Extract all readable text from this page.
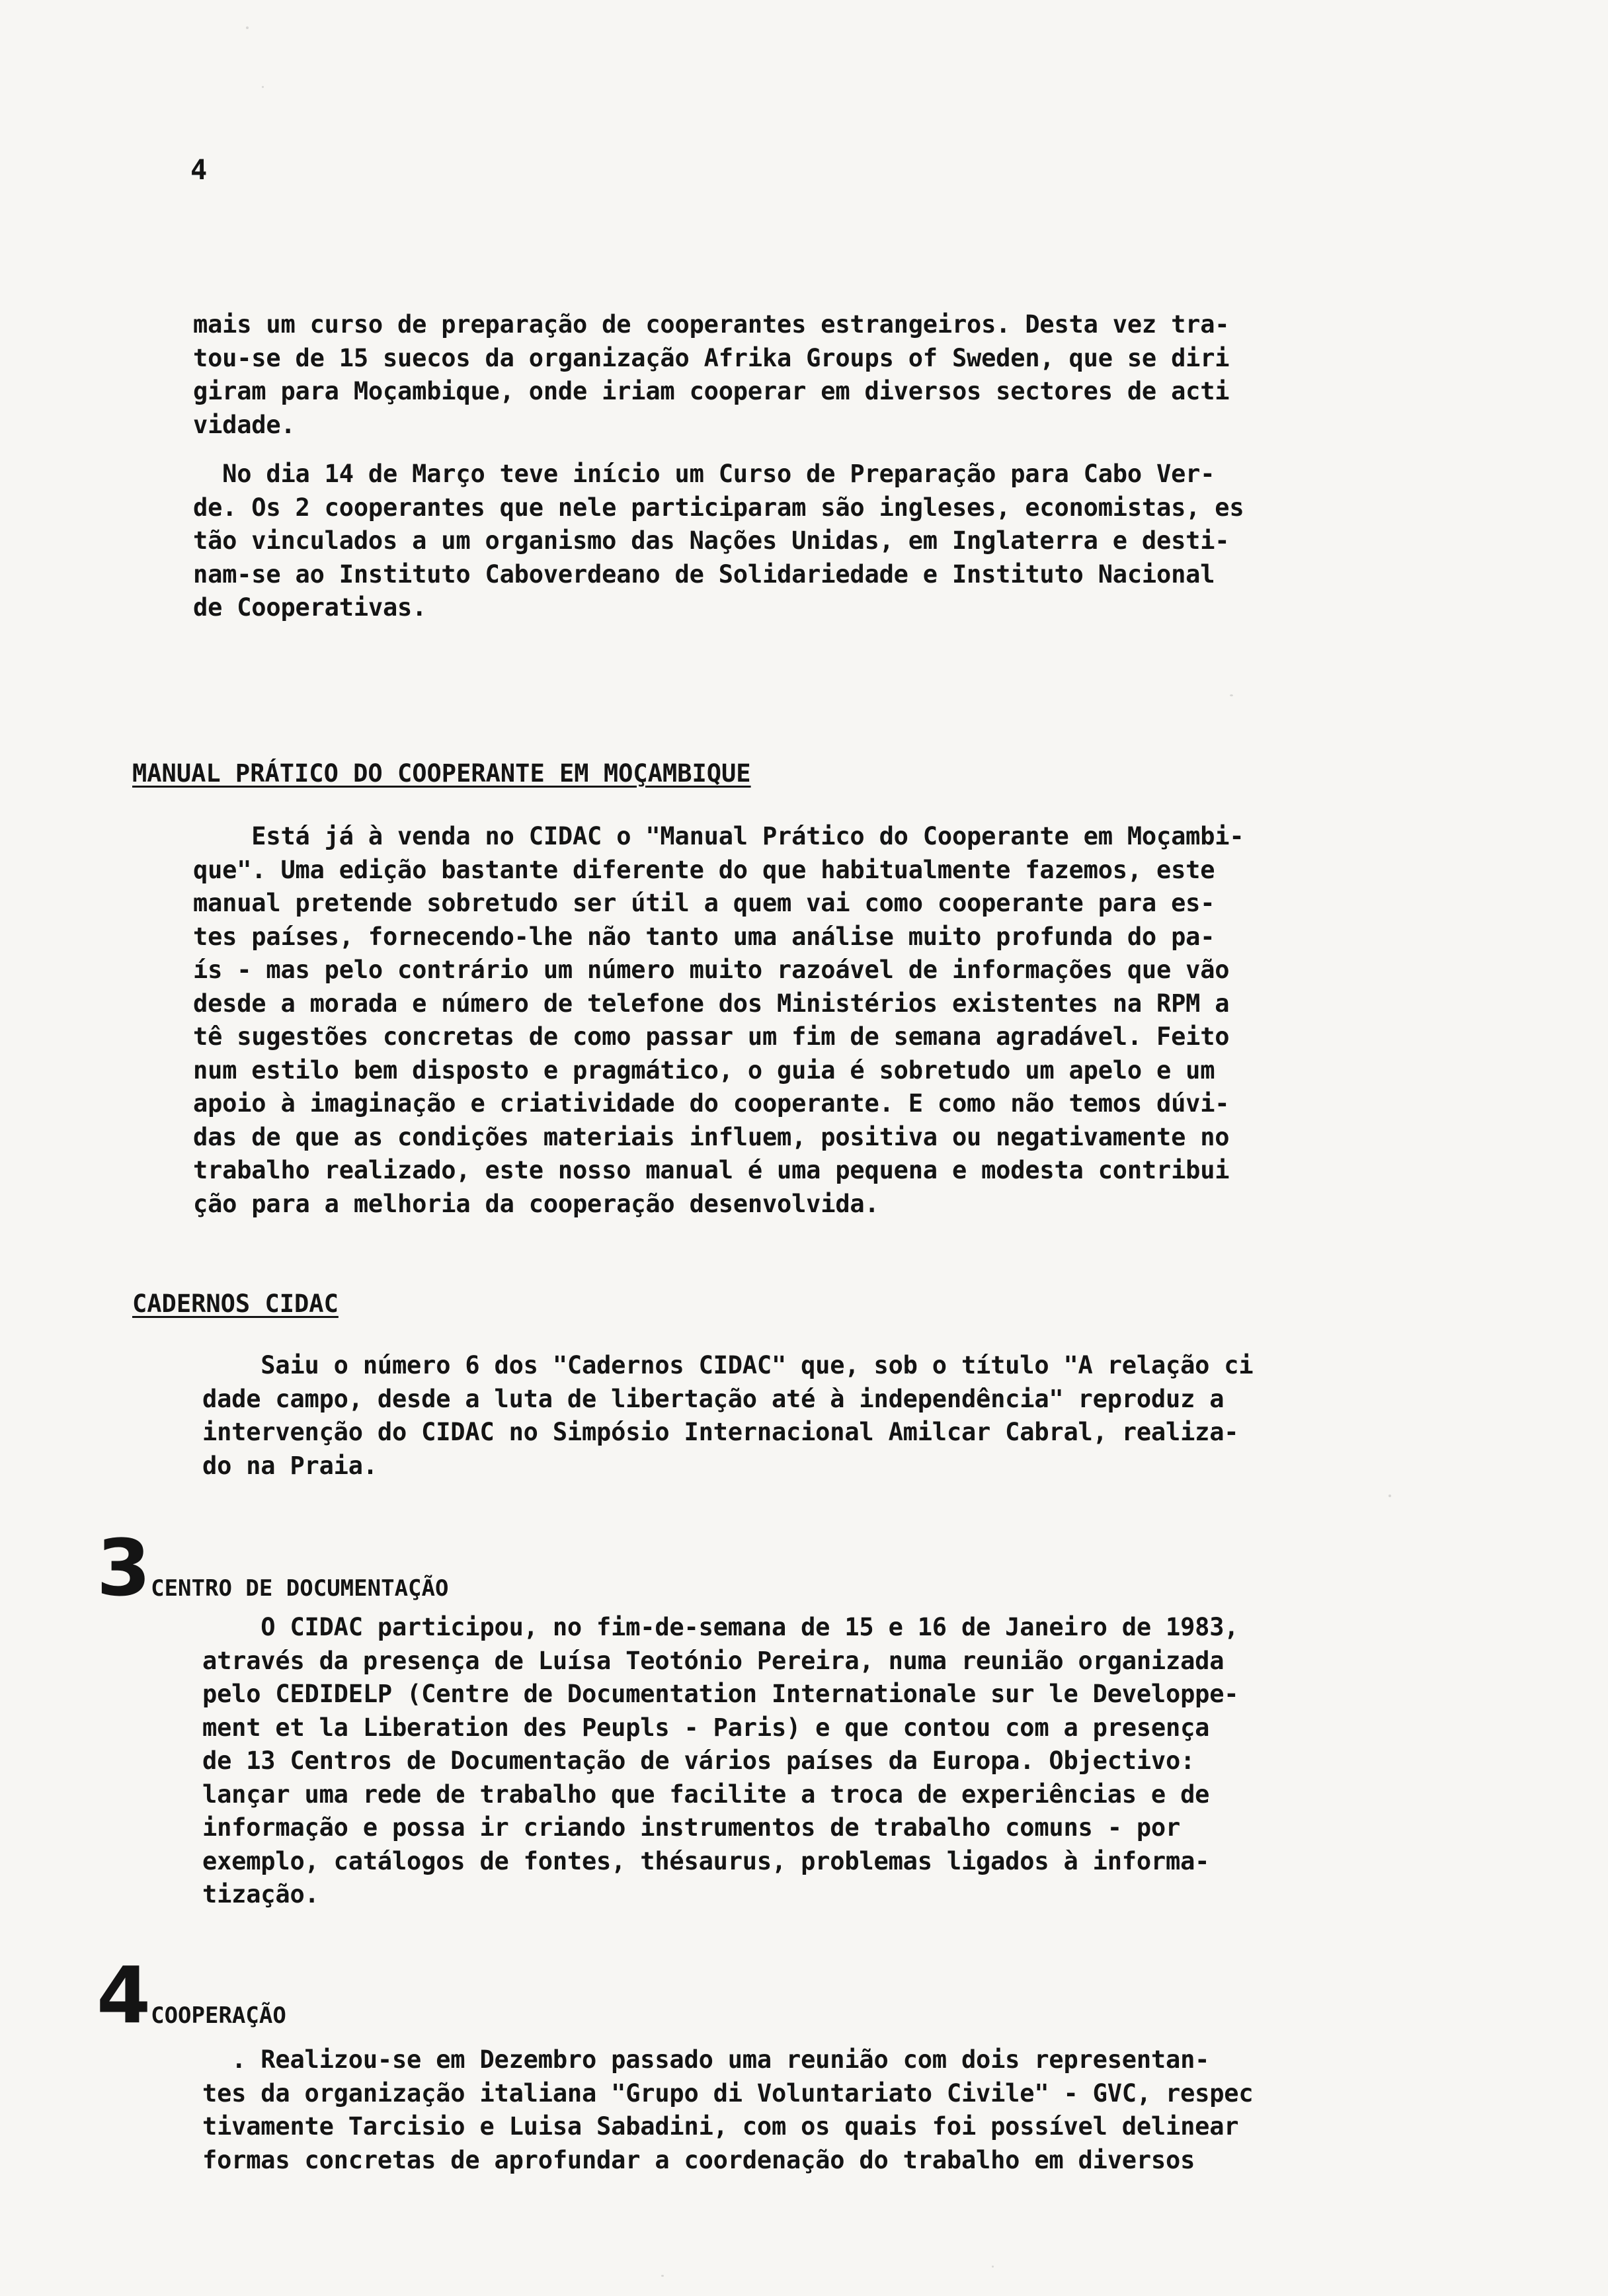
4

mais um curso de preparação de cooperantes estrangeiros. Desta vez tra-
tou-se de 15 suecos da organização Afrika Groups of Sweden, que se diri
giram para Moçambique, onde iriam cooperar em diversos sectores de acti
vidade.

No dia 14 de Março teve início um Curso de Preparação para Cabo Ver-
de. Os 2 cooperantes que nele participaram são ingleses, economistas, es
tão vinculados a um organismo das Nações Unidas, em Inglaterra e desti-
nam-se ao Instituto Caboverdeano de Solidariedade e Instituto Nacional
de Cooperativas.

MANUAL PRÁTICO DO COOPERANTE EM MOÇAMBIQUE

Está já à venda no CIDAC o "Manual Prático do Cooperante em Moçambi-
que". Uma edição bastante diferente do que habitualmente fazemos, este
manual pretende sobretudo ser útil a quem vai como cooperante para es-
tes países, fornecendo-lhe não tanto uma análise muito profunda do pa-
ís - mas pelo contrário um número muito razoável de informações que vão
desde a morada e número de telefone dos Ministérios existentes na RPM a
tê sugestões concretas de como passar um fim de semana agradável. Feito
num estilo bem disposto e pragmático, o guia é sobretudo um apelo e um
apoio à imaginação e criatividade do cooperante. E como não temos dúvi-
das de que as condições materiais influem, positiva ou negativamente no
trabalho realizado, este nosso manual é uma pequena e modesta contribui
ção para a melhoria da cooperação desenvolvida.

CADERNOS CIDAC

Saiu o número 6 dos "Cadernos CIDAC" que, sob o título "A relação ci
dade campo, desde a luta de libertação até à independência" reproduz a
intervenção do CIDAC no Simpósio Internacional Amilcar Cabral, realiza-
do na Praia.

3 CENTRO DE DOCUMENTAÇÃO

O CIDAC participou, no fim-de-semana de 15 e 16 de Janeiro de 1983,
através da presença de Luísa Teotónio Pereira, numa reunião organizada
pelo CEDIDELP (Centre de Documentation Internationale sur le Developpe-
ment et la Liberation des Peupls - Paris) e que contou com a presença
de 13 Centros de Documentação de vários países da Europa. Objectivo:
lançar uma rede de trabalho que facilite a troca de experiências e de
informação e possa ir criando instrumentos de trabalho comuns - por
exemplo, catálogos de fontes, thésaurus, problemas ligados à informa-
tização.

4 COOPERAÇÃO

. Realizou-se em Dezembro passado uma reunião com dois representan-
tes da organização italiana "Grupo di Voluntariato Civile" - GVC, respec
tivamente Tarcisio e Luisa Sabadini, com os quais foi possível delinear
formas concretas de aprofundar a coordenação do trabalho em diversos
